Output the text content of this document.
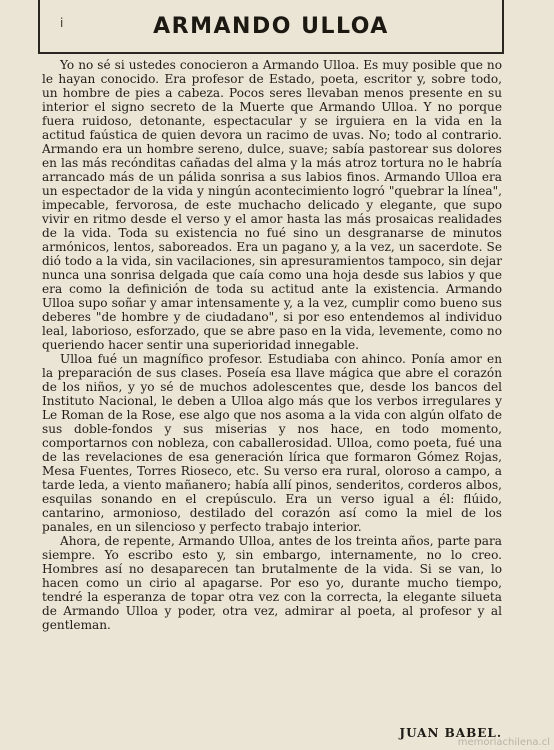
ARMANDO ULLOA
i

Yo no sé si ustedes conocieron a Armando Ulloa. Es muy posible que no le hayan conocido. Era profesor de Estado, poeta, escritor y, sobre todo, un hombre de pies a cabeza. Pocos seres llevaban menos presente en su interior el signo secreto de la Muerte que Armando Ulloa. Y no porque fuera ruidoso, detonante, espectacular y se irguiera en la vida en la actitud faústica de quien devora un racimo de uvas. No; todo al contrario. Armando era un hombre sereno, dulce, suave; sabía pastorear sus dolores en las más recónditas cañadas del alma y la más atroz tortura no le habría arrancado más de un pálida sonrisa a sus labios finos. Armando Ulloa era un espectador de la vida y ningún acontecimiento logró "quebrar la línea", impecable, fervorosa, de este muchacho delicado y elegante, que supo vivir en ritmo desde el verso y el amor hasta las más prosaicas realidades de la vida. Toda su existencia no fué sino un desgranarse de minutos armónicos, lentos, saboreados. Era un pagano y, a la vez, un sacerdote. Se dió todo a la vida, sin vacilaciones, sin apresuramientos tampoco, sin dejar nunca una sonrisa delgada que caía como una hoja desde sus labios y que era como la definición de toda su actitud ante la existencia. Armando Ulloa supo soñar y amar intensamente y, a la vez, cumplir como bueno sus deberes "de hombre y de ciudadano", si por eso entendemos al individuo leal, laborioso, esforzado, que se abre paso en la vida, levemente, como no queriendo hacer sentir una superioridad innegable.

Ulloa fué un magnífico profesor. Estudiaba con ahinco. Ponía amor en la preparación de sus clases. Poseía esa llave mágica que abre el corazón de los niños, y yo sé de muchos adolescentes que, desde los bancos del Instituto Nacional, le deben a Ulloa algo más que los verbos irregulares y Le Roman de la Rose, ese algo que nos asoma a la vida con algún olfato de sus doble-fondos y sus miserias y nos hace, en todo momento, comportarnos con nobleza, con caballerosidad. Ulloa, como poeta, fué una de las revelaciones de esa generación lírica que formaron Gómez Rojas, Mesa Fuentes, Torres Rioseco, etc. Su verso era rural, oloroso a campo, a tarde leda, a viento mañanero; había allí pinos, senderitos, corderos albos, esquilas sonando en el crepúsculo. Era un verso igual a él: flúido, cantarino, armonioso, destilado del corazón así como la miel de los panales, en un silencioso y perfecto trabajo interior.

Ahora, de repente, Armando Ulloa, antes de los treinta años, parte para siempre. Yo escribo esto y, sin embargo, internamente, no lo creo. Hombres así no desaparecen tan brutalmente de la vida. Si se van, lo hacen como un cirio al apagarse. Por eso yo, durante mucho tiempo, tendré la esperanza de topar otra vez con la correcta, la elegante silueta de Armando Ulloa y poder, otra vez, admirar al poeta, al profesor y al gentleman.

JUAN BABEL.
memoriachilena.cl
